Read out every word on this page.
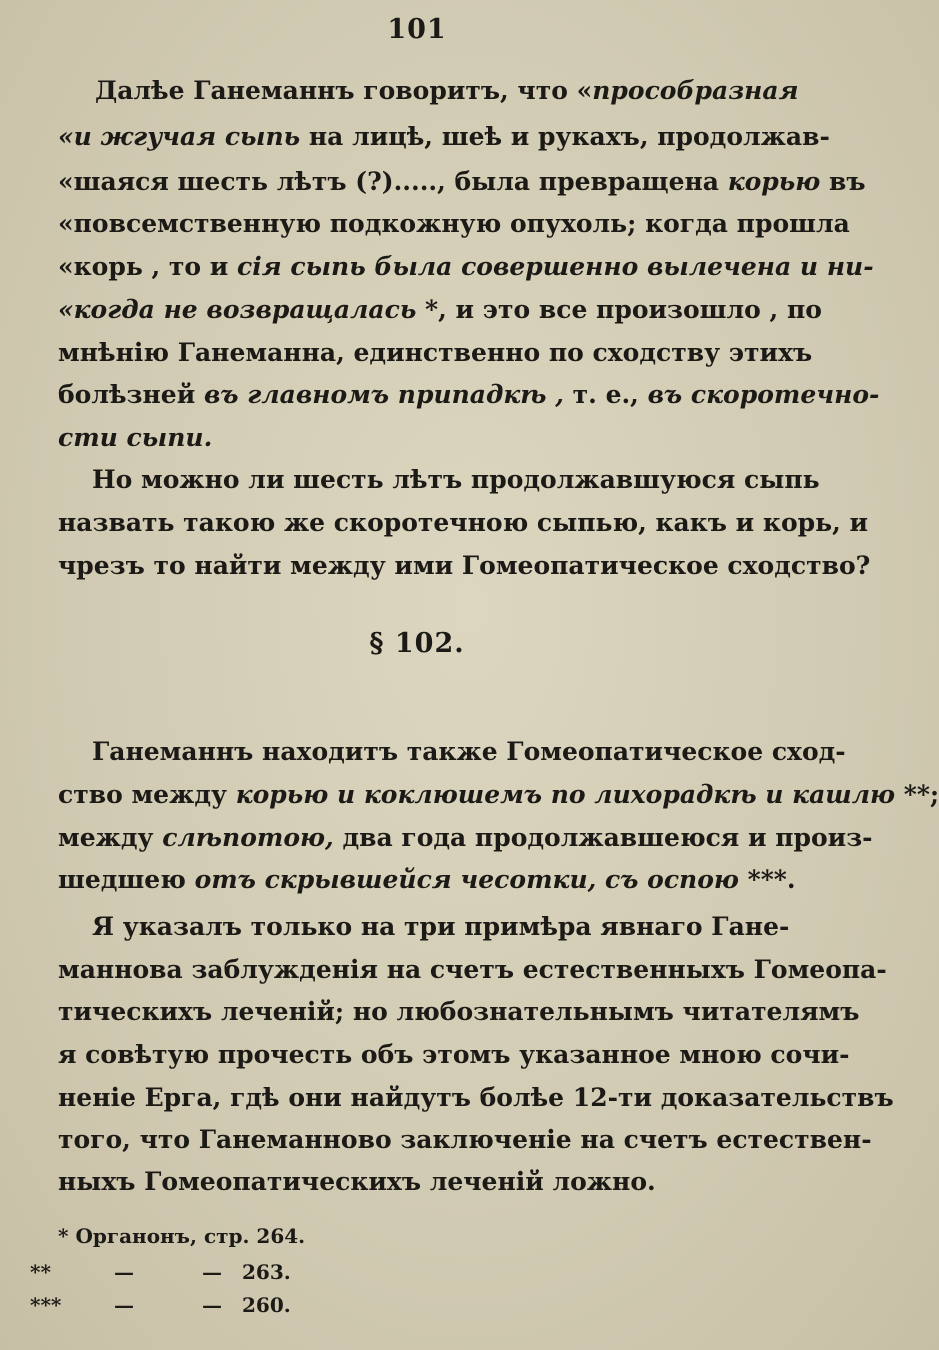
101
Далѣе Ганеманнъ говоритъ, что «прособразная
«и жгучая сыпь на лицѣ, шеѣ и рукахъ, продолжав-
«шаяся шесть лѣтъ (?)....., была превращена корью въ
«повсемственную подкожную опухоль; когда прошла
«корь , то и сія сыпь была совершенно вылечена и ни-
«когда не возвращалась *, и это все произошло , по
мнѣнію Ганеманна, единственно по сходству этихъ
болѣзней въ главномъ припадкѣ , т. е., въ скоротечно-
сти сыпи.
Но можно ли шесть лѣтъ продолжавшуюся сыпь
назвать такою же скоротечною сыпью, какъ и корь, и
чрезъ то найти между ими Гомеопатическое сходство?
§ 102.
Ганеманнъ находитъ также Гомеопатическое сход-
ство между корью и коклюшемъ по лихорадкѣ и кашлю **;
между слѣпотою, два года продолжавшеюся и произ-
шедшею отъ скрывшейся чесотки, съ оспою ***.
Я указалъ только на три примѣра явнаго Гане-
маннова заблужденія на счетъ естественныхъ Гомеопа-
тическихъ леченій; но любознательнымъ читателямъ
я совѣтую прочесть объ этомъ указанное мною сочи-
неніе Ерга, гдѣ они найдутъ болѣе 12-ти доказательствъ
того, что Ганеманново заключеніе на счетъ естествен-
ныхъ Гомеопатическихъ леченій ложно.
* Органонъ, стр. 264.
**	—	— 263.
***	—	— 260.
